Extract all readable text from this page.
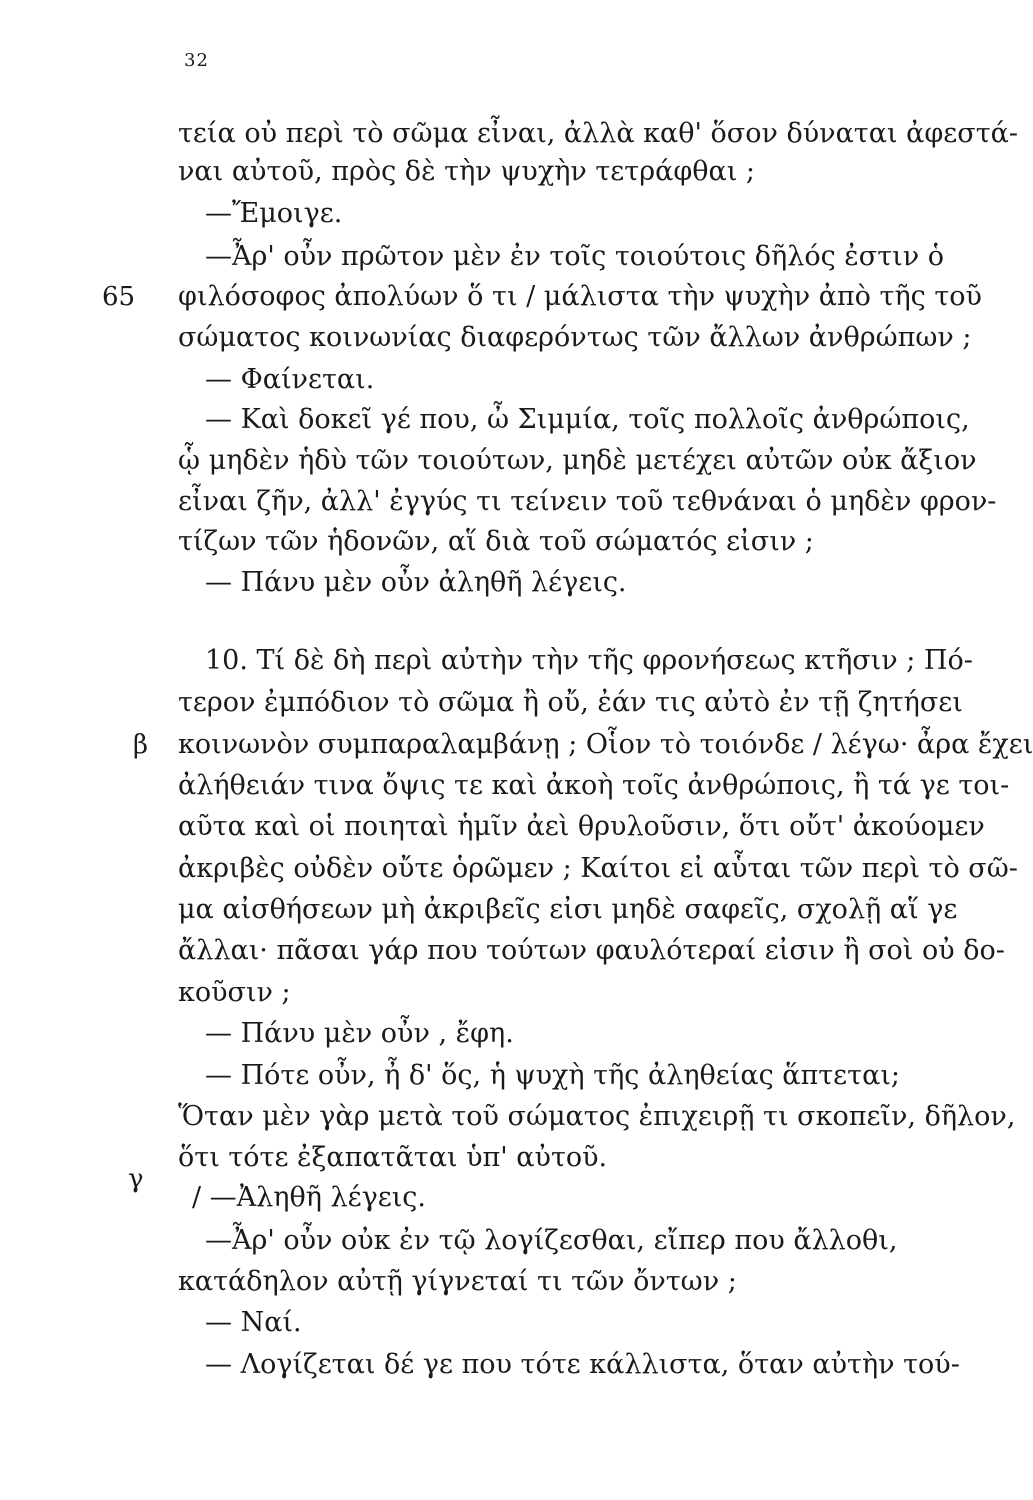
32
65
β
γ
τεία οὐ περὶ τὸ σῶμα εἶναι, ἀλλὰ καθ' ὅσον δύναται ἀφεστά-
ναι αὐτοῦ, πρὸς δὲ τὴν ψυχὴν τετράφθαι ;
—Ἔμοιγε.
—Ἆρ' οὖν πρῶτον μὲν ἐν τοῖς τοιούτοις δῆλός ἐστιν ὁ
φιλόσοφος ἀπολύων ὅ τι / μάλιστα τὴν ψυχὴν ἀπὸ τῆς τοῦ
σώματος κοινωνίας διαφερόντως τῶν ἄλλων ἀνθρώπων ;
— Φαίνεται.
— Καὶ δοκεῖ γέ που, ὦ Σιμμία, τοῖς πολλοῖς ἀνθρώποις,
ᾧ μηδὲν ἡδὺ τῶν τοιούτων, μηδὲ μετέχει αὐτῶν οὐκ ἄξιον
εἶναι ζῆν, ἀλλ' ἐγγύς τι τείνειν τοῦ τεθνάναι ὁ μηδὲν φρον-
τίζων τῶν ἡδονῶν, αἵ διὰ τοῦ σώματός εἰσιν ;
— Πάνυ μὲν οὖν ἀληθῆ λέγεις.
10. Τί δὲ δὴ περὶ αὐτὴν τὴν τῆς φρονήσεως κτῆσιν ; Πό-
τερον ἐμπόδιον τὸ σῶμα ἢ οὔ, ἐάν τις αὐτὸ ἐν τῇ ζητήσει
κοινωνὸν συμπαραλαμβάνῃ ; Οἷον τὸ τοιόνδε / λέγω· ἆρα ἔχει
ἀλήθειάν τινα ὄψις τε καὶ ἀκοὴ τοῖς ἀνθρώποις, ἢ τά γε τοι-
αῦτα καὶ οἱ ποιηταὶ ἡμῖν ἀεὶ θρυλοῦσιν, ὅτι οὔτ' ἀκούομεν
ἀκριβὲς οὐδὲν οὔτε ὁρῶμεν ; Καίτοι εἰ αὗται τῶν περὶ τὸ σῶ-
μα αἰσθήσεων μὴ ἀκριβεῖς εἰσι μηδὲ σαφεῖς, σχολῇ αἵ γε
ἄλλαι· πᾶσαι γάρ που τούτων φαυλότεραί εἰσιν ἢ σοὶ οὐ δο-
κοῦσιν ;
— Πάνυ μὲν οὖν , ἔφη.
— Πότε οὖν, ἦ δ' ὅς, ἡ ψυχὴ τῆς ἀληθείας ἅπτεται;
Ὅταν μὲν γὰρ μετὰ τοῦ σώματος ἐπιχειρῇ τι σκοπεῖν, δῆλον,
ὅτι τότε ἐξαπατᾶται ὑπ' αὐτοῦ.
/ —Ἀληθῆ λέγεις.
—Ἆρ' οὖν οὐκ ἐν τῷ λογίζεσθαι, εἴπερ που ἄλλοθι,
κατάδηλον αὐτῇ γίγνεταί τι τῶν ὄντων ;
— Ναί.
— Λογίζεται δέ γε που τότε κάλλιστα, ὅταν αὐτὴν τού-
